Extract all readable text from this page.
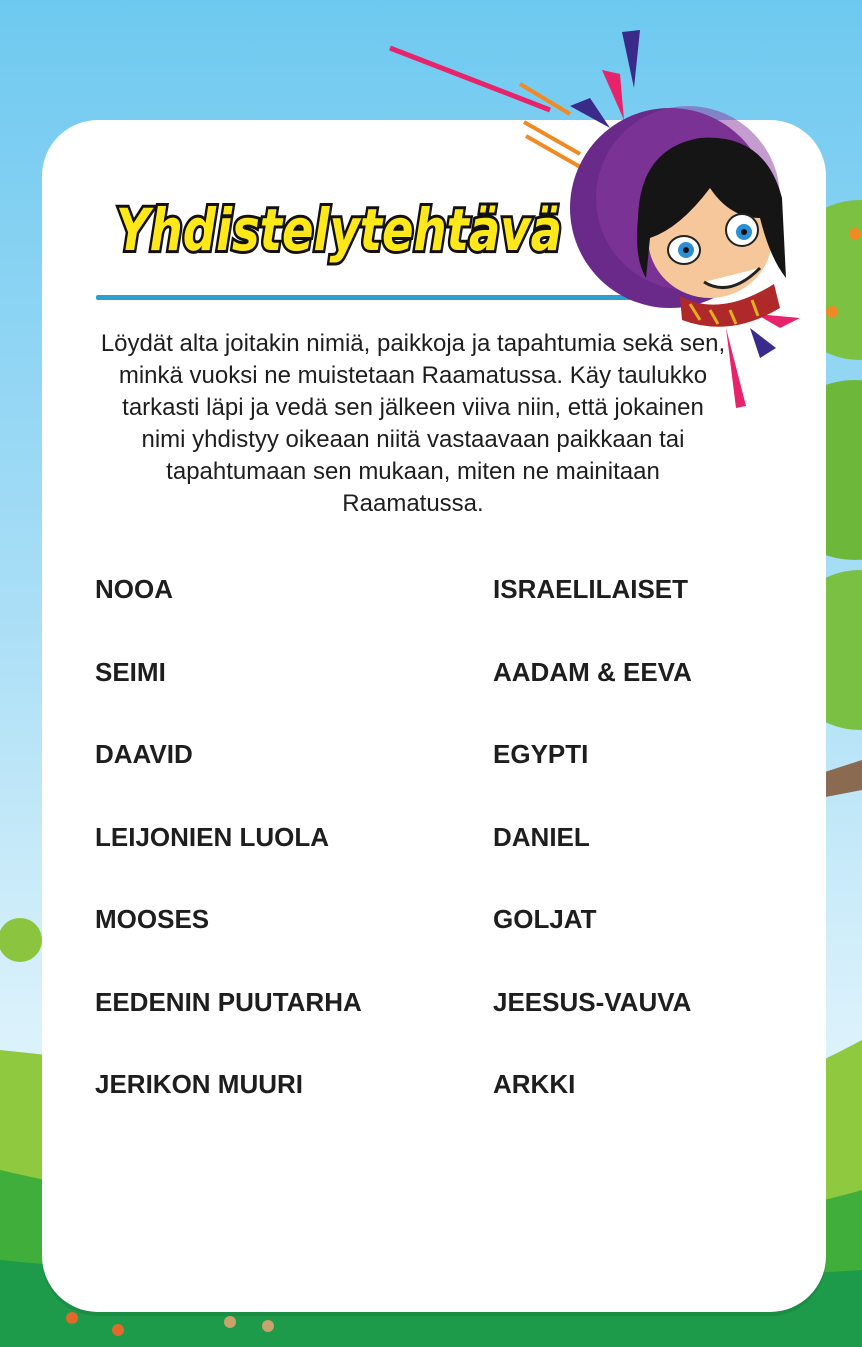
Yhdistelytehtävä
Löydät alta joitakin nimiä, paikkoja ja tapahtumia sekä sen, minkä vuoksi ne muistetaan Raamatussa. Käy taulukko tarkasti läpi ja vedä sen jälkeen viiva niin, että jokainen nimi yhdistyy oikeaan niitä vastaavaan paikkaan tai tapahtumaan sen mukaan, miten ne mainitaan Raamatussa.
NOOA
SEIMI
DAAVID
LEIJONIEN LUOLA
MOOSES
EEDENIN PUUTARHA
JERIKON MUURI
ISRAELILAISET
AADAM & EEVA
EGYPTI
DANIEL
GOLJAT
JEESUS-VAUVA
ARKKI
